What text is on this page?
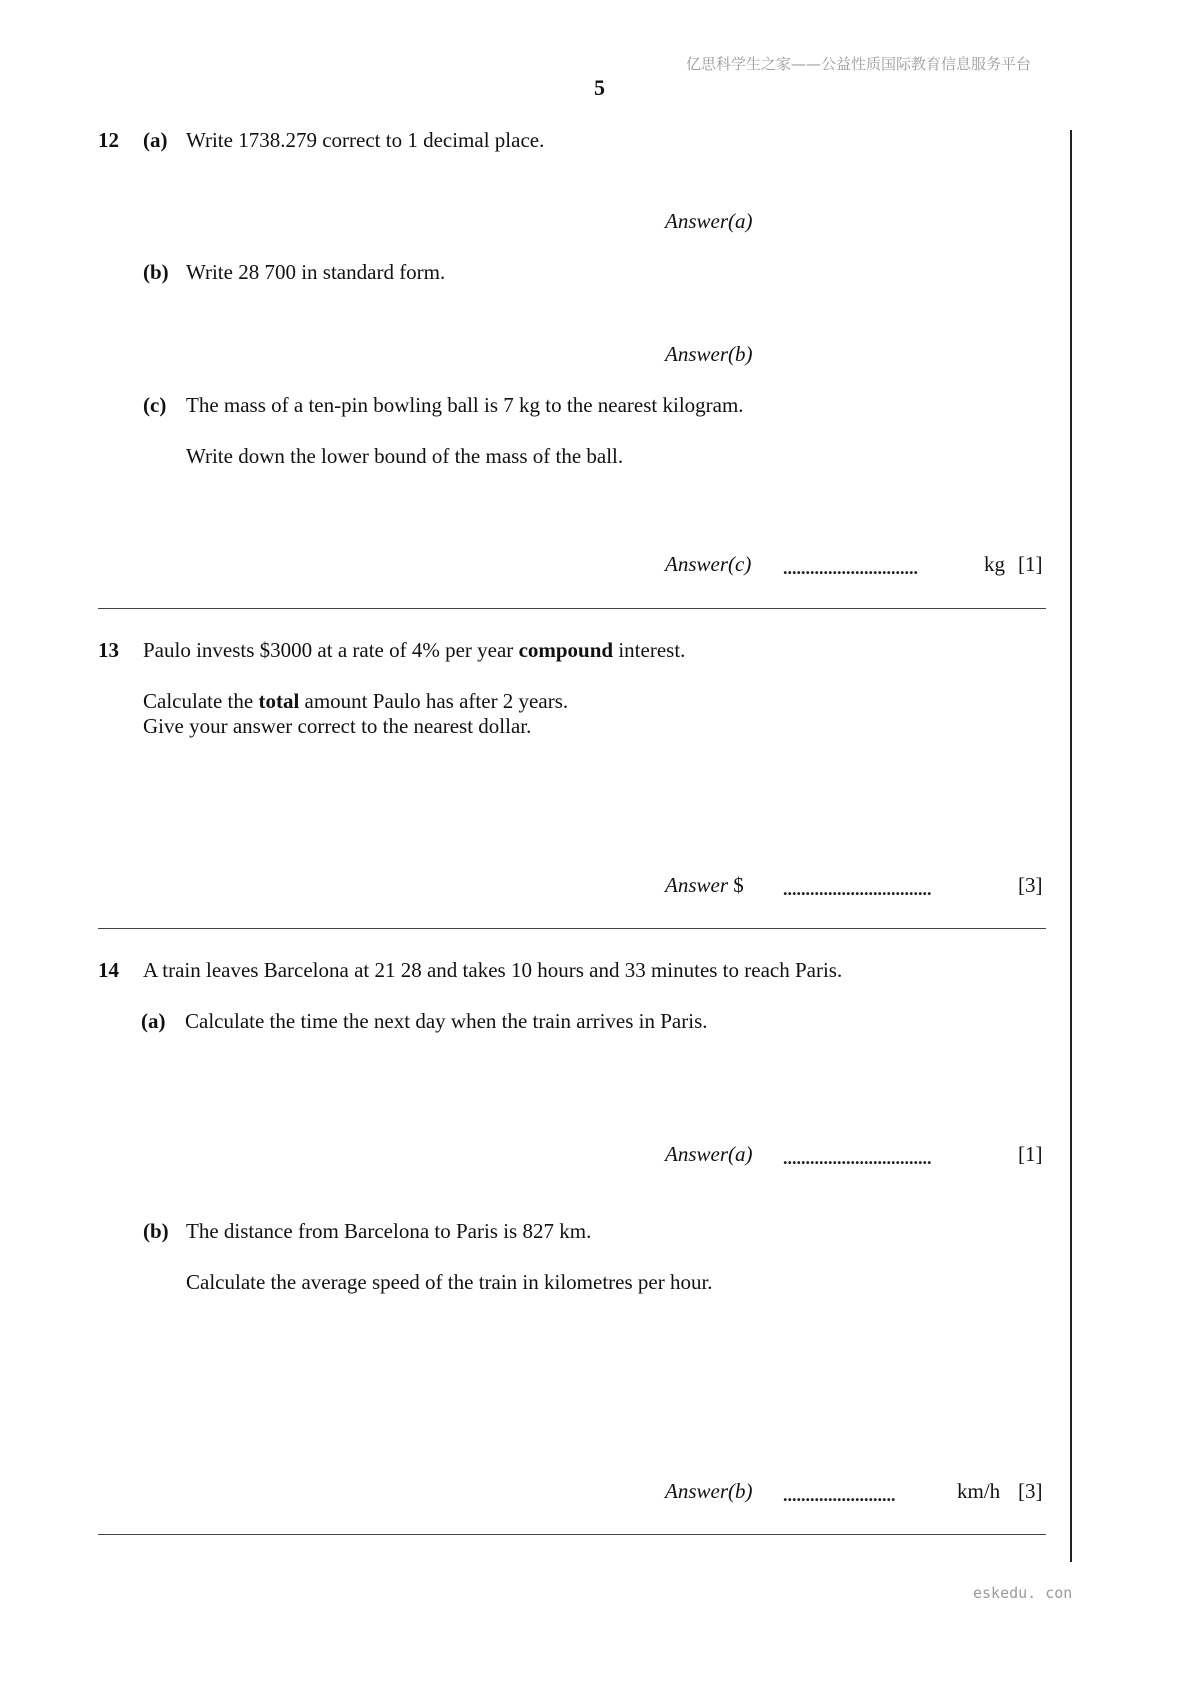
亿思科学生之家——公益性质国际教育信息服务平台
5
12 (a) Write 1738.279 correct to 1 decimal place.
Answer(a)
(b) Write 28 700 in standard form.
Answer(b)
(c) The mass of a ten-pin bowling ball is 7 kg to the nearest kilogram.
Write down the lower bound of the mass of the ball.
Answer(c) ..............................	kg [1]
13 Paulo invests $3000 at a rate of 4% per year compound interest.
Calculate the total amount Paulo has after 2 years.
Give your answer correct to the nearest dollar.
Answer $ .................................	[3]
14 A train leaves Barcelona at 21 28 and takes 10 hours and 33 minutes to reach Paris.
(a) Calculate the time the next day when the train arrives in Paris.
Answer(a) .................................	[1]
(b) The distance from Barcelona to Paris is 827 km.
Calculate the average speed of the train in kilometres per hour.
Answer(b) .........................	km/h [3]
eskedu. con
